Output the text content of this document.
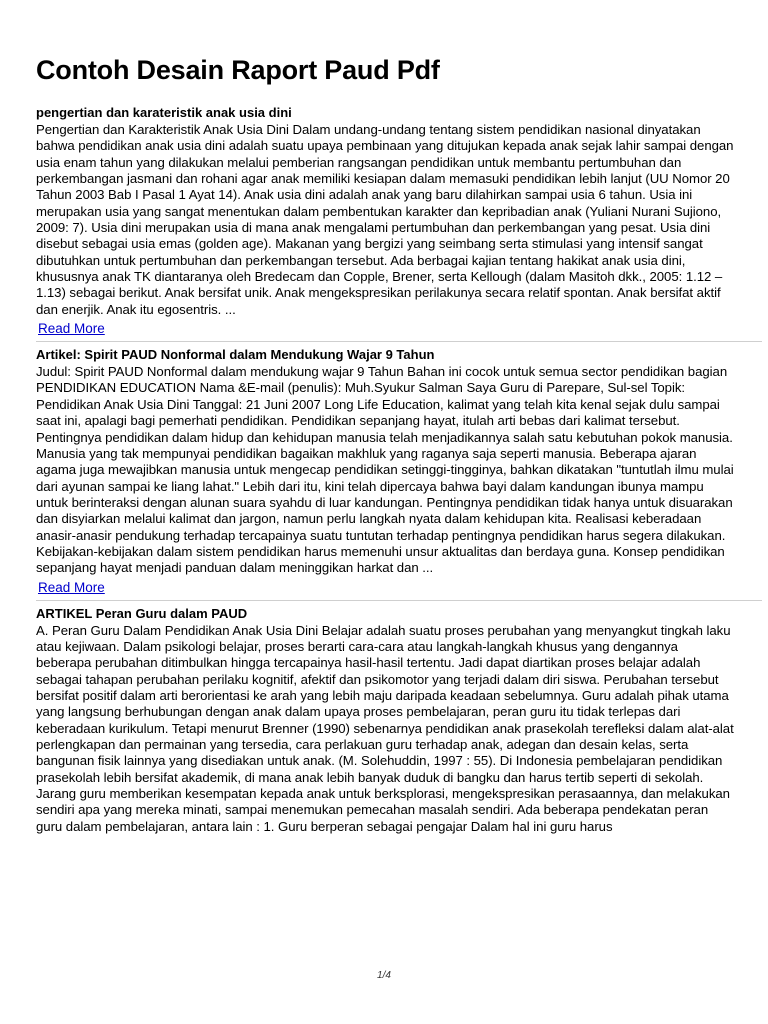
Contoh Desain Raport Paud Pdf
pengertian dan karateristik anak usia dini
Pengertian dan Karakteristik Anak Usia Dini Dalam undang-undang tentang sistem pendidikan nasional dinyatakan bahwa pendidikan anak usia dini adalah suatu upaya pembinaan yang ditujukan kepada anak sejak lahir sampai dengan usia enam tahun yang dilakukan melalui pemberian rangsangan pendidikan untuk membantu pertumbuhan dan perkembangan jasmani dan rohani agar anak memiliki kesiapan dalam memasuki pendidikan lebih lanjut (UU Nomor 20 Tahun 2003 Bab I Pasal 1 Ayat 14). Anak usia dini adalah anak yang baru dilahirkan sampai usia 6 tahun. Usia ini merupakan usia yang sangat menentukan dalam pembentukan karakter dan kepribadian anak (Yuliani Nurani Sujiono, 2009: 7). Usia dini merupakan usia di mana anak mengalami pertumbuhan dan perkembangan yang pesat. Usia dini disebut sebagai usia emas (golden age). Makanan yang bergizi yang seimbang serta stimulasi yang intensif sangat dibutuhkan untuk pertumbuhan dan perkembangan tersebut. Ada berbagai kajian tentang hakikat anak usia dini, khususnya anak TK diantaranya oleh Bredecam dan Copple, Brener, serta Kellough (dalam Masitoh dkk., 2005: 1.12 – 1.13) sebagai berikut. Anak bersifat unik. Anak mengekspresikan perilakunya secara relatif spontan. Anak bersifat aktif dan enerjik. Anak itu egosentris. ...
Read More
Artikel: Spirit PAUD Nonformal dalam Mendukung Wajar 9 Tahun
Judul: Spirit PAUD Nonformal dalam mendukung wajar 9 Tahun Bahan ini cocok untuk semua sector pendidikan bagian PENDIDIKAN EDUCATION Nama &E-mail (penulis): Muh.Syukur Salman Saya Guru di Parepare, Sul-sel Topik: Pendidikan Anak Usia Dini Tanggal: 21 Juni 2007 Long Life Education, kalimat yang telah kita kenal sejak dulu sampai saat ini, apalagi bagi pemerhati pendidikan. Pendidikan sepanjang hayat, itulah arti bebas dari kalimat tersebut. Pentingnya pendidikan dalam hidup dan kehidupan manusia telah menjadikannya salah satu kebutuhan pokok manusia. Manusia yang tak mempunyai pendidikan bagaikan makhluk yang raganya saja seperti manusia. Beberapa ajaran agama juga mewajibkan manusia untuk mengecap pendidikan setinggi-tingginya, bahkan dikatakan "tuntutlah ilmu mulai dari ayunan sampai ke liang lahat." Lebih dari itu, kini telah dipercaya bahwa bayi dalam kandungan ibunya mampu untuk berinteraksi dengan alunan suara syahdu di luar kandungan. Pentingnya pendidikan tidak hanya untuk disuarakan dan disyiarkan melalui kalimat dan jargon, namun perlu langkah nyata dalam kehidupan kita. Realisasi keberadaan anasir-anasir pendukung terhadap tercapainya suatu tuntutan terhadap pentingnya pendidikan harus segera dilakukan. Kebijakan-kebijakan dalam sistem pendidikan harus memenuhi unsur aktualitas dan berdaya guna. Konsep pendidikan sepanjang hayat menjadi panduan dalam meninggikan harkat dan ...
Read More
ARTIKEL Peran Guru dalam PAUD
A. Peran Guru Dalam Pendidikan Anak Usia Dini Belajar adalah suatu proses perubahan yang menyangkut tingkah laku atau kejiwaan. Dalam psikologi belajar, proses berarti cara-cara atau langkah-langkah khusus yang dengannya beberapa perubahan ditimbulkan hingga tercapainya hasil-hasil tertentu. Jadi dapat diartikan proses belajar adalah sebagai tahapan perubahan perilaku kognitif, afektif dan psikomotor yang terjadi dalam diri siswa. Perubahan tersebut bersifat positif dalam arti berorientasi ke arah yang lebih maju daripada keadaan sebelumnya. Guru adalah pihak utama yang langsung berhubungan dengan anak dalam upaya proses pembelajaran, peran guru itu tidak terlepas dari keberadaan kurikulum. Tetapi menurut Brenner (1990) sebenarnya pendidikan anak prasekolah terefleksi dalam alat-alat perlengkapan dan permainan yang tersedia, cara perlakuan guru terhadap anak, adegan dan desain kelas, serta bangunan fisik lainnya yang disediakan untuk anak. (M. Solehuddin, 1997 : 55). Di Indonesia pembelajaran pendidikan prasekolah lebih bersifat akademik, di mana anak lebih banyak duduk di bangku dan harus tertib seperti di sekolah. Jarang guru memberikan kesempatan kepada anak untuk berksplorasi, mengekspresikan perasaannya, dan melakukan sendiri apa yang mereka minati, sampai menemukan pemecahan masalah sendiri. Ada beberapa pendekatan peran guru dalam pembelajaran, antara lain : 1. Guru berperan sebagai pengajar Dalam hal ini guru harus
1/4
